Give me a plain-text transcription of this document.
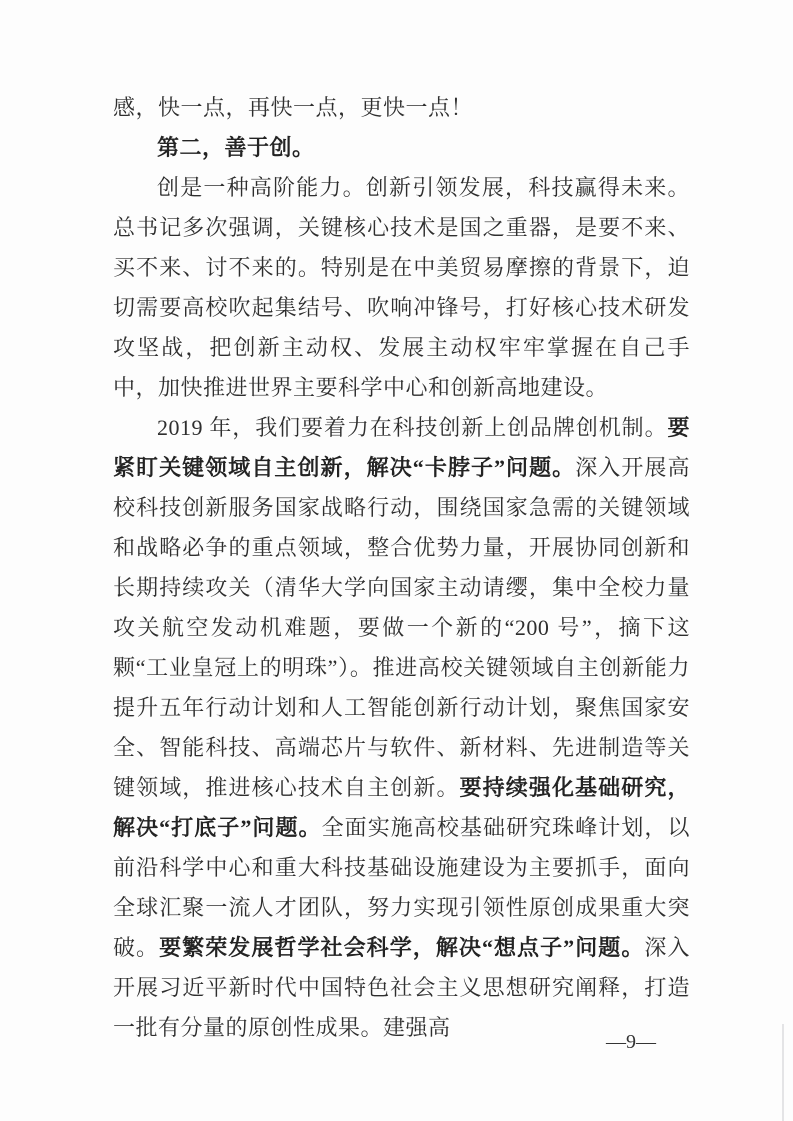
感，快一点，再快一点，更快一点！

第二，善于创。

创是一种高阶能力。创新引领发展，科技赢得未来。总书记多次强调，关键核心技术是国之重器，是要不来、买不来、讨不来的。特别是在中美贸易摩擦的背景下，迫切需要高校吹起集结号、吹响冲锋号，打好核心技术研发攻坚战，把创新主动权、发展主动权牢牢掌握在自己手中，加快推进世界主要科学中心和创新高地建设。

2019 年，我们要着力在科技创新上创品牌创机制。要紧盯关键领域自主创新，解决“卡脖子”问题。深入开展高校科技创新服务国家战略行动，围绕国家急需的关键领域和战略必争的重点领域，整合优势力量，开展协同创新和长期持续攻关（清华大学向国家主动请缨，集中全校力量攻关航空发动机难题，要做一个新的“200 号”，摘下这颗“工业皇冠上的明珠”）。推进高校关键领域自主创新能力提升五年行动计划和人工智能创新行动计划，聚焦国家安全、智能科技、高端芯片与软件、新材料、先进制造等关键领域，推进核心技术自主创新。要持续强化基础研究，解决“打底子”问题。全面实施高校基础研究珠峰计划，以前沿科学中心和重大科技基础设施建设为主要抓手，面向全球汇聚一流人才团队，努力实现引领性原创成果重大突破。要繁荣发展哲学社会科学，解决“想点子”问题。深入开展习近平新时代中国特色社会主义思想研究阐释，打造一批有分量的原创性成果。建强高

—9—
